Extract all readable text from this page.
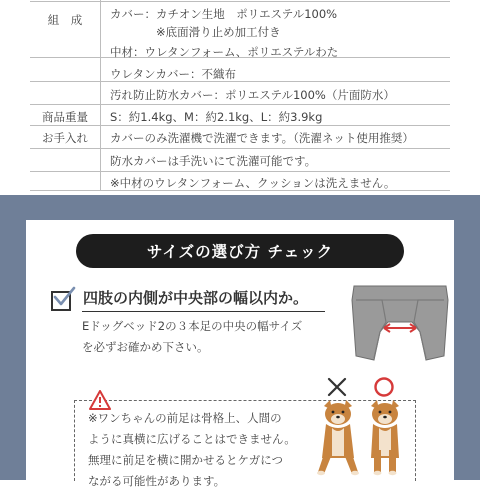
組　成	カバー：カチオン生地　ポリエステル100%
　　　　※底面滑り止め加工付き
中材：ウレタンフォーム、ポリエステルわた
ウレタンカバー：不織布
汚れ防止防水カバー：ポリエステル100%（片面防水）
商品重量	S：約1.4kg、M：約2.1kg、L：約3.9kg
お手入れ	カバーのみ洗濯機で洗濯できます。（洗濯ネット使用推奨）
防水カバーは手洗いにて洗濯可能です。
サイズの選び方 チェック
四肢の内側が中央部の幅以内か。
Eドッグベッド2の３本足の中央の幅サイズ
を必ずお確かめ下さい。
※ワンちゃんの前足は骨格上、人間の
ように真横に広げることはできません。
無理に前足を横に開かせるとケガにつ
ながる可能性があります。
※中材のウレタンフォーム、クッションは洗えません。
